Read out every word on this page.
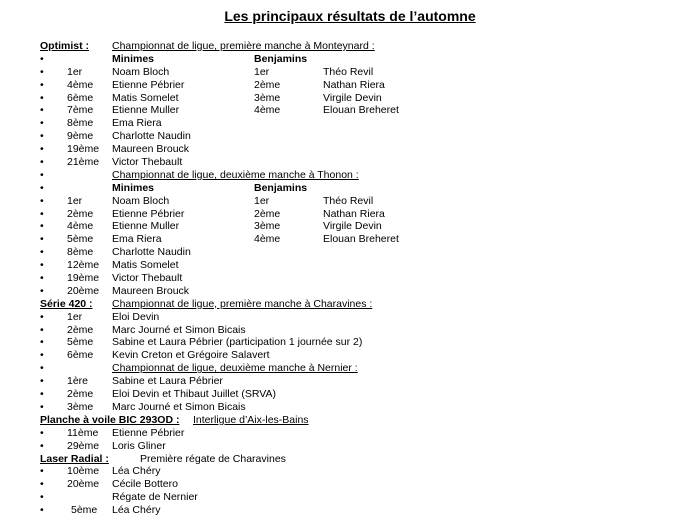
Les principaux résultats de l’automne
Optimist : Championnat de ligue, première manche à Monteynard :
•	Minimes	Benjamins
• 1er	Noam Bloch	1er	Théo Revil
• 4ème Etienne Pébrier	2ème	Nathan Riera
• 6ème Matis Somelet	3ème	Virgile Devin
• 7ème Etienne Muller	4ème	Elouan Breheret
• 8ème Ema Riera
• 9ème Charlotte Naudin
• 19ème Maureen Brouck
• 21ème Victor Thebault
•	Championnat de ligue, deuxième manche à Thonon :
•	Minimes	Benjamins
• 1er	Noam Bloch	1er	Théo Revil
• 2ème Etienne Pébrier	2ème	Nathan Riera
• 4ème Etienne Muller	3ème	Virgile Devin
• 5ème Ema Riera	4ème	Elouan Breheret
• 8ème Charlotte Naudin
• 12ème Matis Somelet
• 19ème Victor Thebault
• 20ème Maureen Brouck
Série 420 : Championnat de ligue, première manche à Charavines :
• 1er	Eloi Devin
• 2ème Marc Journé et Simon Bicais
• 5ème Sabine et Laura Pébrier (participation 1 journée sur 2)
• 6ème Kevin Creton et Grégoire Salavert
•	Championnat de ligue, deuxième manche à Nernier :
• 1ère Sabine et Laura Pébrier
• 2ème Eloi Devin et Thibaut Juillet (SRVA)
• 3ème Marc Journé et Simon Bicais
Planche à voile BIC 293OD : Interligue d’Aix-les-Bains
• 11ème Etienne Pébrier
• 29ème Loris Gliner
Laser Radial :	Première régate de Charavines
• 10ème Léa Chéry
• 20ème Cécile Bottero
•	Régate de Nernier
•	5ème Léa Chéry
